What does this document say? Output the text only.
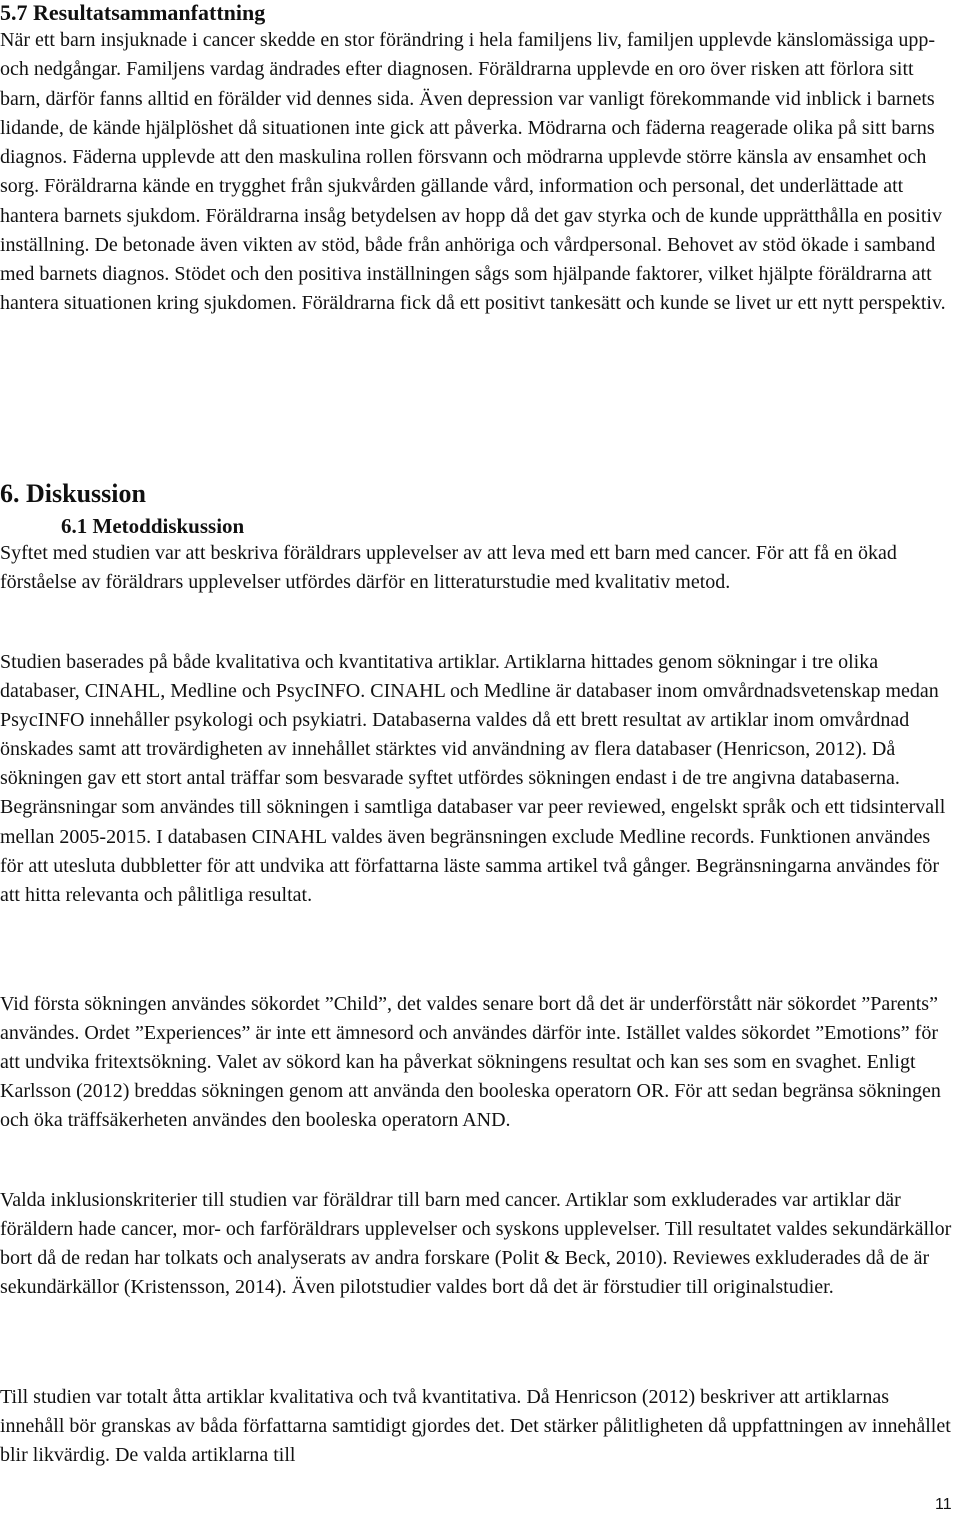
5.7 Resultatsammanfattning

När ett barn insjuknade i cancer skedde en stor förändring i hela familjens liv, familjen upplevde känslomässiga upp- och nedgångar. Familjens vardag ändrades efter diagnosen. Föräldrarna upplevde en oro över risken att förlora sitt barn, därför fanns alltid en förälder vid dennes sida. Även depression var vanligt förekommande vid inblick i barnets lidande, de kände hjälplöshet då situationen inte gick att påverka. Mödrarna och fäderna reagerade olika på sitt barns diagnos. Fäderna upplevde att den maskulina rollen försvann och mödrarna upplevde större känsla av ensamhet och sorg. Föräldrarna kände en trygghet från sjukvården gällande vård, information och personal, det underlättade att hantera barnets sjukdom. Föräldrarna insåg betydelsen av hopp då det gav styrka och de kunde upprätthålla en positiv inställning. De betonade även vikten av stöd, både från anhöriga och vårdpersonal. Behovet av stöd ökade i samband med barnets diagnos. Stödet och den positiva inställningen sågs som hjälpande faktorer, vilket hjälpte föräldrarna att hantera situationen kring sjukdomen. Föräldrarna fick då ett positivt tankesätt och kunde se livet ur ett nytt perspektiv.

6. Diskussion
6.1 Metoddiskussion

Syftet med studien var att beskriva föräldrars upplevelser av att leva med ett barn med cancer. För att få en ökad förståelse av föräldrars upplevelser utfördes därför en litteraturstudie med kvalitativ metod.

Studien baserades på både kvalitativa och kvantitativa artiklar. Artiklarna hittades genom sökningar i tre olika databaser, CINAHL, Medline och PsycINFO. CINAHL och Medline är databaser inom omvårdnadsvetenskap medan PsycINFO innehåller psykologi och psykiatri. Databaserna valdes då ett brett resultat av artiklar inom omvårdnad önskades samt att trovärdigheten av innehållet stärktes vid användning av flera databaser (Henricson, 2012). Då sökningen gav ett stort antal träffar som besvarade syftet utfördes sökningen endast i de tre angivna databaserna. Begränsningar som användes till sökningen i samtliga databaser var peer reviewed, engelskt språk och ett tidsintervall mellan 2005-2015. I databasen CINAHL valdes även begränsningen exclude Medline records. Funktionen användes för att utesluta dubbletter för att undvika att författarna läste samma artikel två gånger. Begränsningarna användes för att hitta relevanta och pålitliga resultat.

Vid första sökningen användes sökordet ”Child”, det valdes senare bort då det är underförstått när sökordet ”Parents” användes. Ordet ”Experiences” är inte ett ämnesord och användes därför inte. Istället valdes sökordet ”Emotions” för att undvika fritextsökning. Valet av sökord kan ha påverkat sökningens resultat och kan ses som en svaghet. Enligt Karlsson (2012) breddas sökningen genom att använda den booleska operatorn OR. För att sedan begränsa sökningen och öka träffsäkerheten användes den booleska operatorn AND.

Valda inklusionskriterier till studien var föräldrar till barn med cancer. Artiklar som exkluderades var artiklar där föräldern hade cancer, mor- och farföräldrars upplevelser och syskons upplevelser. Till resultatet valdes sekundärkällor bort då de redan har tolkats och analyserats av andra forskare (Polit & Beck, 2010). Reviewes exkluderades då de är sekundärkällor (Kristensson, 2014). Även pilotstudier valdes bort då det är förstudier till originalstudier.

Till studien var totalt åtta artiklar kvalitativa och två kvantitativa. Då Henricson (2012) beskriver att artiklarnas innehåll bör granskas av båda författarna samtidigt gjordes det. Det stärker pålitligheten då uppfattningen av innehållet blir likvärdig. De valda artiklarna till

11
